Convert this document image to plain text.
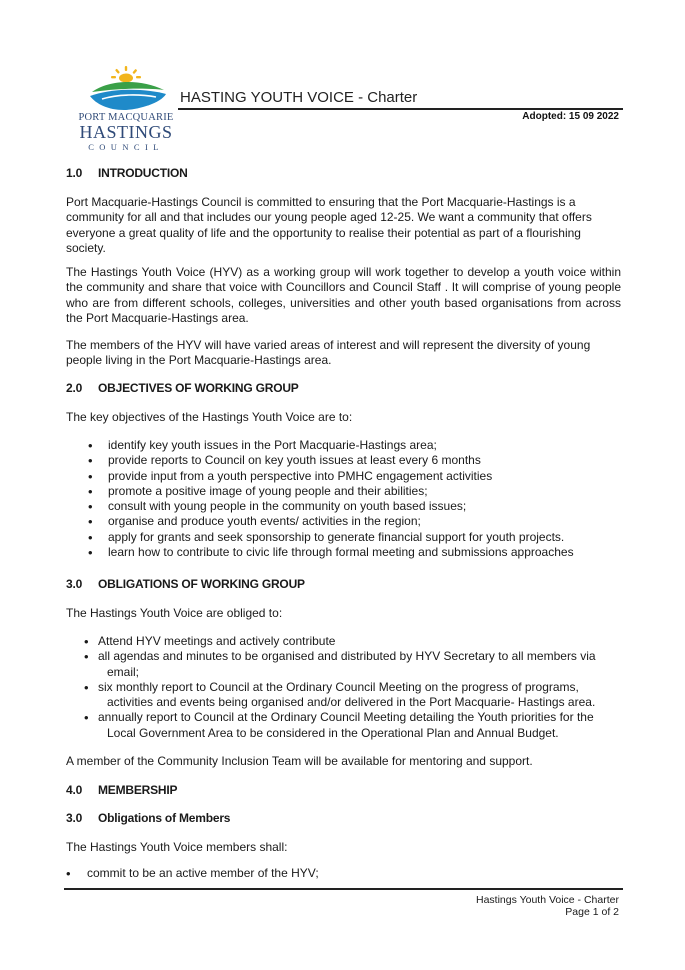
PORT MACQUARIE
HASTINGS
COUNCIL
HASTING YOUTH VOICE - Charter
Adopted: 15 09 2022
1.0 INTRODUCTION
Port Macquarie-Hastings Council is committed to ensuring that the Port Macquarie-Hastings is a community for all and that includes our young people aged 12-25. We want a community that offers everyone a great quality of life and the opportunity to realise their potential as part of a flourishing society.
The Hastings Youth Voice (HYV) as a working group will work together to develop a youth voice within the community and share that voice with Councillors and Council Staff . It will comprise of young people who are from different schools, colleges, universities and other youth based organisations from across the Port Macquarie-Hastings area.
The members of the HYV will have varied areas of interest and will represent the diversity of young people living in the Port Macquarie-Hastings area.
2.0 OBJECTIVES OF WORKING GROUP
The key objectives of the Hastings Youth Voice are to:
• identify key youth issues in the Port Macquarie-Hastings area;
• provide reports to Council on key youth issues at least every 6 months
• provide input from a youth perspective into PMHC engagement activities
• promote a positive image of young people and their abilities;
• consult with young people in the community on youth based issues;
• organise and produce youth events/ activities in the region;
• apply for grants and seek sponsorship to generate financial support for youth projects.
• learn how to contribute to civic life through formal meeting and submissions approaches
3.0 OBLIGATIONS OF WORKING GROUP
The Hastings Youth Voice are obliged to:
• Attend HYV meetings and actively contribute
• all agendas and minutes to be organised and distributed by HYV Secretary to all members via
email;
• six monthly report to Council at the Ordinary Council Meeting on the progress of programs,
activities and events being organised and/or delivered in the Port Macquarie- Hastings area.
• annually report to Council at the Ordinary Council Meeting detailing the Youth priorities for the
Local Government Area to be considered in the Operational Plan and Annual Budget.
A member of the Community Inclusion Team will be available for mentoring and support.
4.0 MEMBERSHIP
3.0 Obligations of Members
The Hastings Youth Voice members shall:
• commit to be an active member of the HYV;
Hastings Youth Voice - Charter
Page 1 of 2
